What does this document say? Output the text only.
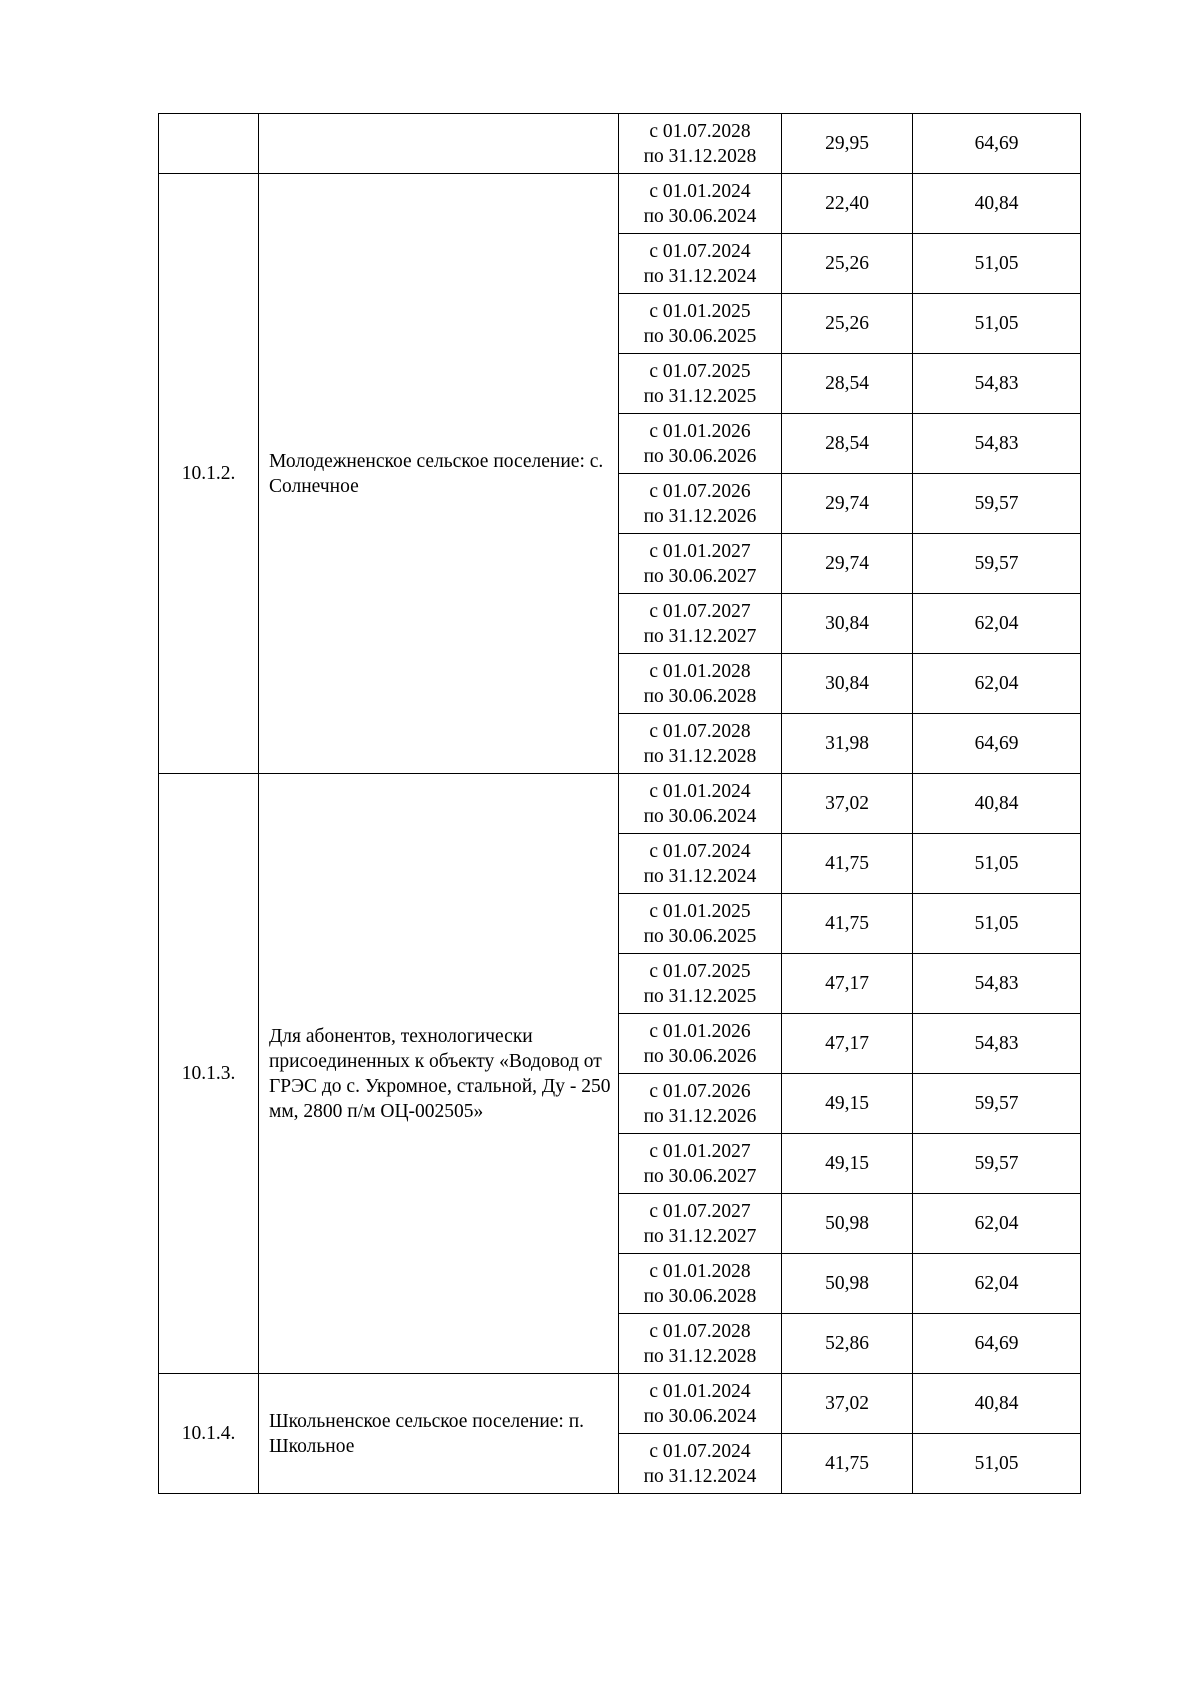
		с 01.07.2028
по 31.12.2028	29,95	64,69
10.1.2.	Молодежненское сельское поселение: с. Солнечное	с 01.01.2024
по 30.06.2024	22,40	40,84

		с 01.07.2024
по 31.12.2024	25,26	51,05

		с 01.01.2025
по 30.06.2025	25,26	51,05

		с 01.07.2025
по 31.12.2025	28,54	54,83

		с 01.01.2026
по 30.06.2026	28,54	54,83

		с 01.07.2026
по 31.12.2026	29,74	59,57

		с 01.01.2027
по 30.06.2027	29,74	59,57

		с 01.07.2027
по 31.12.2027	30,84	62,04

		с 01.01.2028
по 30.06.2028	30,84	62,04

		с 01.07.2028
по 31.12.2028	31,98	64,69
10.1.3.	Для абонентов, технологически присоединенных к объекту «Водовод от ГРЭС до с. Укромное, стальной, Ду - 250 мм, 2800 п/м ОЦ-002505»	с 01.01.2024
по 30.06.2024	37,02	40,84

		с 01.07.2024
по 31.12.2024	41,75	51,05

		с 01.01.2025
по 30.06.2025	41,75	51,05

		с 01.07.2025
по 31.12.2025	47,17	54,83

		с 01.01.2026
по 30.06.2026	47,17	54,83

		с 01.07.2026
по 31.12.2026	49,15	59,57

		с 01.01.2027
по 30.06.2027	49,15	59,57

		с 01.07.2027
по 31.12.2027	50,98	62,04

		с 01.01.2028
по 30.06.2028	50,98	62,04

		с 01.07.2028
по 31.12.2028	52,86	64,69
10.1.4.	Школьненское сельское поселение: п. Школьное	с 01.01.2024
по 30.06.2024	37,02	40,84

		с 01.07.2024
по 31.12.2024	41,75	51,05
